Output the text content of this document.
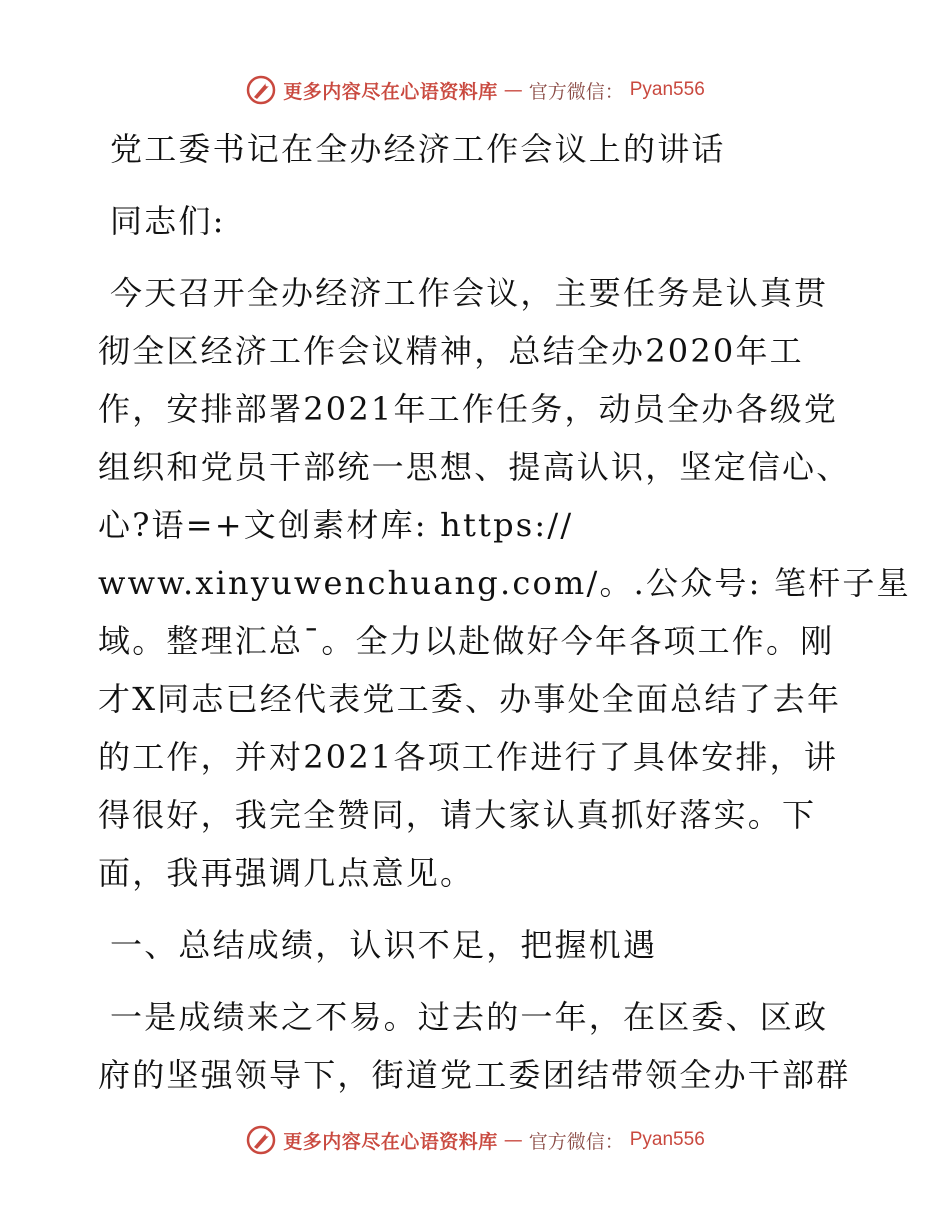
更多内容尽在心语资料库 — 官方微信： Pyan556
党工委书记在全办经济工作会议上的讲话
同志们:
今天召开全办经济工作会议，主要任务是认真贯
彻全区经济工作会议精神，总结全办2020年工
作，安排部署2021年工作任务，动员全办各级党
组织和党员干部统一思想、提高认识，坚定信心、
心?语=+文创素材库: https://
www.xinyuwenchuang.com/。.公众号: 笔杆子星
域。整理汇总¯。全力以赴做好今年各项工作。刚
才X同志已经代表党工委、办事处全面总结了去年
的工作，并对2021各项工作进行了具体安排，讲
得很好，我完全赞同，请大家认真抓好落实。下
面，我再强调几点意见。
一、总结成绩，认识不足，把握机遇
一是成绩来之不易。过去的一年，在区委、区政
府的坚强领导下，街道党工委团结带领全办干部群
更多内容尽在心语资料库 — 官方微信： Pyan556
